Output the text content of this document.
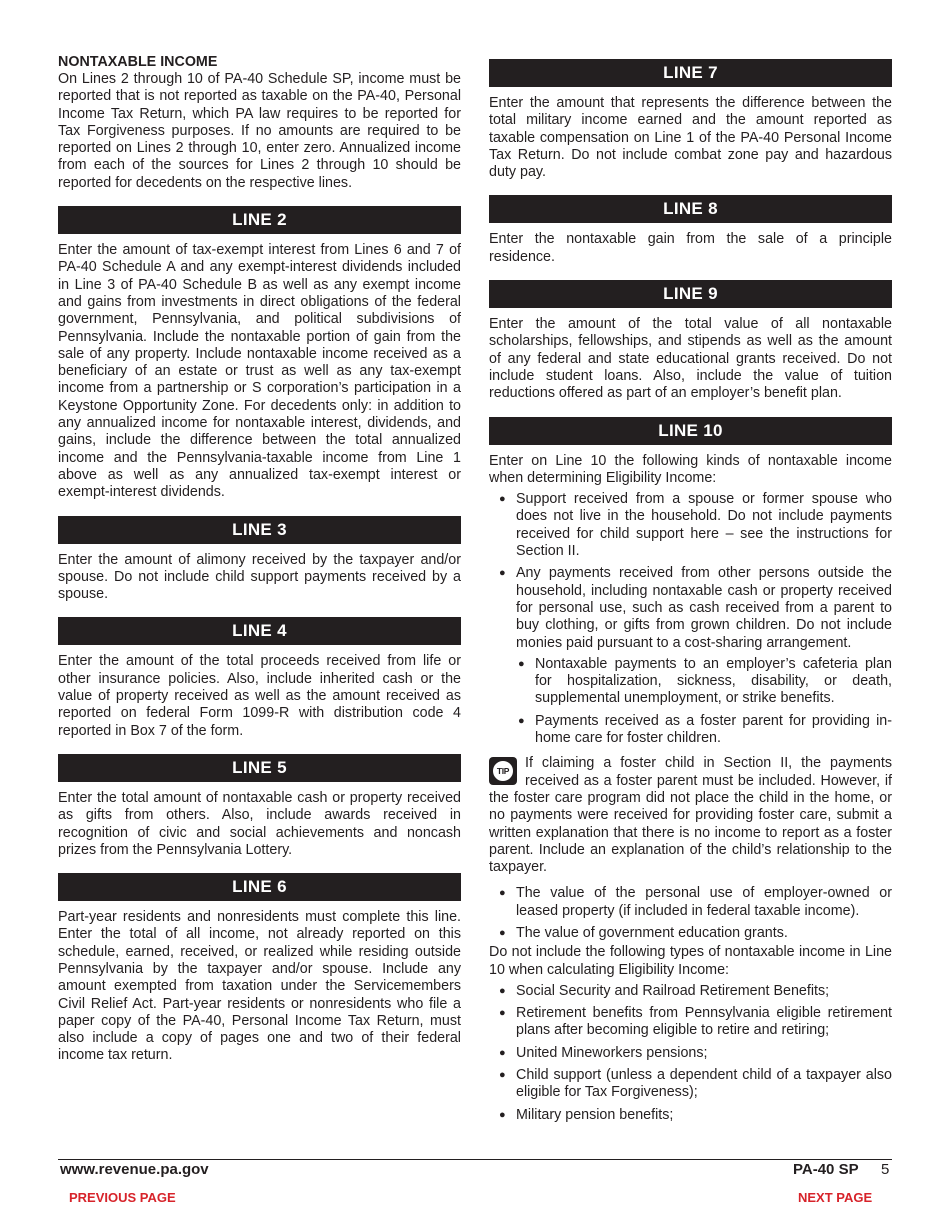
NONTAXABLE INCOME

On Lines 2 through 10 of PA-40 Schedule SP, income must be reported that is not reported as taxable on the PA-40, Personal Income Tax Return, which PA law requires to be reported for Tax Forgiveness purposes. If no amounts are required to be reported on Lines 2 through 10, enter zero. Annualized income from each of the sources for Lines 2 through 10 should be reported for decedents on the respective lines.

LINE 2

Enter the amount of tax-exempt interest from Lines 6 and 7 of PA-40 Schedule A and any exempt-interest dividends included in Line 3 of PA-40 Schedule B as well as any exempt income and gains from investments in direct obligations of the federal government, Pennsylvania, and political subdivisions of Pennsylvania. Include the nontaxable portion of gain from the sale of any property. Include nontaxable income received as a beneficiary of an estate or trust as well as any tax-exempt income from a partnership or S corporation’s participation in a Keystone Opportunity Zone. For decedents only: in addition to any annualized income for nontaxable interest, dividends, and gains, include the difference between the total annualized income and the Pennsylvania-taxable income from Line 1 above as well as any annualized tax-exempt interest or exempt-interest dividends.

LINE 3

Enter the amount of alimony received by the taxpayer and/or spouse. Do not include child support payments received by a spouse.

LINE 4

Enter the amount of the total proceeds received from life or other insurance policies. Also, include inherited cash or the value of property received as well as the amount received as reported on federal Form 1099-R with distribution code 4 reported in Box 7 of the form.

LINE 5

Enter the total amount of nontaxable cash or property received as gifts from others. Also, include awards received in recognition of civic and social achievements and noncash prizes from the Pennsylvania Lottery.

LINE 6

Part-year residents and nonresidents must complete this line. Enter the total of all income, not already reported on this schedule, earned, received, or realized while residing outside Pennsylvania by the taxpayer and/or spouse. Include any amount exempted from taxation under the Servicemembers Civil Relief Act. Part-year residents or nonresidents who file a paper copy of the PA-40, Personal Income Tax Return, must also include a copy of pages one and two of their federal income tax return.

LINE 7

Enter the amount that represents the difference between the total military income earned and the amount reported as taxable compensation on Line 1 of the PA-40 Personal Income Tax Return. Do not include combat zone pay and hazardous duty pay.

LINE 8

Enter the nontaxable gain from the sale of a principle residence.

LINE 9

Enter the amount of the total value of all nontaxable scholarships, fellowships, and stipends as well as the amount of any federal and state educational grants received. Do not include student loans. Also, include the value of tuition reductions offered as part of an employer’s benefit plan.

LINE 10

Enter on Line 10 the following kinds of nontaxable income when determining Eligibility Income:

● Support received from a spouse or former spouse who does not live in the household. Do not include payments received for child support here – see the instructions for Section II.
● Any payments received from other persons outside the household, including nontaxable cash or property received for personal use, such as cash received from a parent to buy clothing, or gifts from grown children. Do not include monies paid pursuant to a cost-sharing arrangement.
● Nontaxable payments to an employer’s cafeteria plan for hospitalization, sickness, disability, or death, supplemental unemployment, or strike benefits.
● Payments received as a foster parent for providing in-home care for foster children.

TIP If claiming a foster child in Section II, the payments received as a foster parent must be included. However, if the foster care program did not place the child in the home, or no payments were received for providing foster care, submit a written explanation that there is no income to report as a foster parent. Include an explanation of the child’s relationship to the taxpayer.

● The value of the personal use of employer-owned or leased property (if included in federal taxable income).
● The value of government education grants.

Do not include the following types of nontaxable income in Line 10 when calculating Eligibility Income:

● Social Security and Railroad Retirement Benefits;
● Retirement benefits from Pennsylvania eligible retirement plans after becoming eligible to retire and retiring;
● United Mineworkers pensions;
● Child support (unless a dependent child of a taxpayer also eligible for Tax Forgiveness);
● Military pension benefits;
www.revenue.pa.gov	PA-40 SP 5
PREVIOUS PAGE	NEXT PAGE
